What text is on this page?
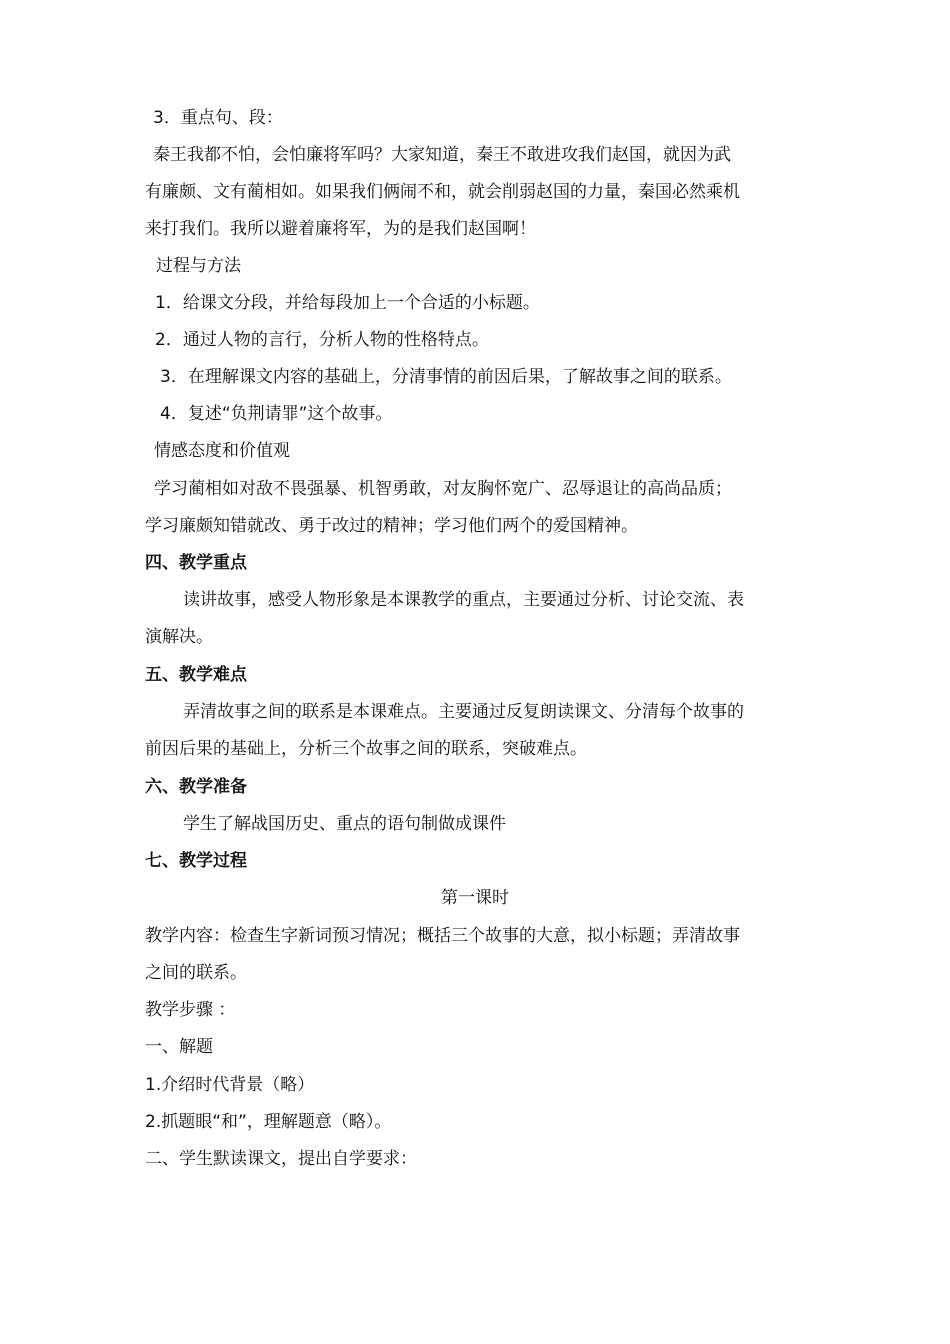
3．重点句、段：

秦王我都不怕，会怕廉将军吗？大家知道，秦王不敢进攻我们赵国，就因为武

有廉颇、文有蔺相如。如果我们俩闹不和，就会削弱赵国的力量，秦国必然乘机

来打我们。我所以避着廉将军，为的是我们赵国啊！

过程与方法

1．给课文分段，并给每段加上一个合适的小标题。

2．通过人物的言行，分析人物的性格特点。

3．在理解课文内容的基础上，分清事情的前因后果，了解故事之间的联系。

4．复述“负荆请罪”这个故事。

情感态度和价值观

学习蔺相如对敌不畏强暴、机智勇敢，对友胸怀宽广、忍辱退让的高尚品质；

学习廉颇知错就改、勇于改过的精神；学习他们两个的爱国精神。

四、教学重点

读讲故事，感受人物形象是本课教学的重点，主要通过分析、讨论交流、表

演解决。

五、教学难点

弄清故事之间的联系是本课难点。主要通过反复朗读课文、分清每个故事的

前因后果的基础上，分析三个故事之间的联系，突破难点。

六、教学准备

学生了解战国历史、重点的语句制做成课件

七、教学过程

第一课时

教学内容：检查生字新词预习情况；概括三个故事的大意，拟小标题；弄清故事

之间的联系。

教学步骤 ：

一、解题

1.介绍时代背景（略）

2.抓题眼“和”，理解题意（略）。

二、学生默读课文，提出自学要求：
